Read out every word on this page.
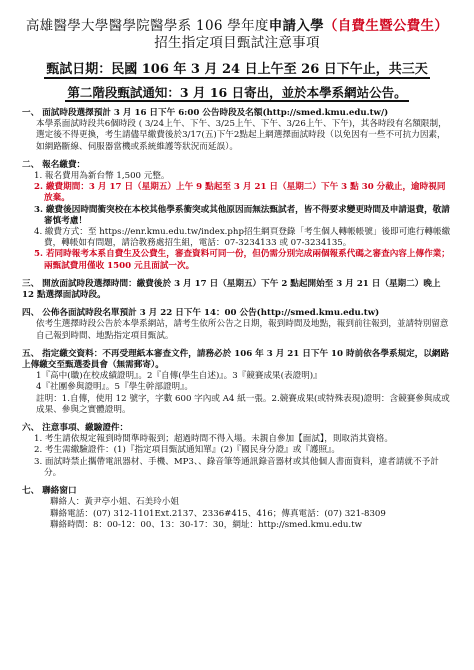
高雄醫學大學醫學院醫學系 106 學年度申請入學（自費生暨公費生）
招生指定項目甄試注意事項
甄試日期：民國 106 年 3 月 24 日上午至 26 日下午止，共三天
第二階段甄試通知：3 月 16 日寄出，並於本學系網站公告。
一、 面試時段選擇預計 3 月 16 日下午 6:00 公告時段及名額(http://smed.kmu.edu.tw/)
本學系面試時段共6個時段 ( 3/24上午、下午、3/25上午、下午、3/26上午、下午)，其各時段有名額限制，選定後不得更換，考生請儘早繳費後於3/17(五)下午2點起上網選擇面試時段（以免因有一些不可抗力因素，如網路斷線、伺服器當機或系統維護等狀況而延誤）。
二、 報名繳費：
1. 報名費用為新台幣 1,500 元整。
2. 繳費期間：3 月 17 日（星期五）上午 9 點起至 3 月 21 日（星期二）下午 3 點 30 分截止，逾時視同放棄。
3. 繳費後因時間衝突校在本校其他學系衝突或其他原因而無法甄試者，皆不得要求變更時間及申請退費，敬請審慎考慮！
4. 繳費方式：至 https://enr.kmu.edu.tw/index.php招生網頁登錄「考生個人轉帳帳號」後即可進行轉帳繳費，轉帳如有問題，請洽教務處招生組，電話：07-3234133 或 07-3234135。
5. 若同時報考本系自費生及公費生，審查資料可同一份，但仍需分別完成兩個報系代碼之審查內容上傳作業；兩甄試費用僅收 1500 元且面試一次。
三、 開放面試時段選擇時間：繳費後於 3 月 17 日（星期五）下午 2 點起開始至 3 月 21 日（星期二）晚上 12 點選擇面試時段。
四、 公佈各面試時段名單預計 3 月 22 日下午 14：00 公告(http://smed.kmu.edu.tw)
依考生選擇時段公告於本學系網站，請考生依所公告之日期，報到時間及地點，報到前往報到，並請特別留意自己報到時間、地點指定項目甄試。
五、 指定繳交資料：不再受理紙本審查文件，請務必於 106 年 3 月 21 日下午 10 時前依各學系規定，以網路上傳繳交至甄選委員會（無需郵寄）。
1『高中(職)在校成績證明』。2『自傳(學生自述)』。3『競賽成果(表證明)』
4『社團參與證明』。5『學生幹部證明』。
註明：1.自傳，使用 12 號字，字數 600 字內或 A4 紙一張。2.競賽成果(或特殊表現)證明：含競賽參與成或成果、參與之實體證明。
六、 注意事項、繳驗證件：
1. 考生請依規定報到時間準時報到；超過時間不得入場。未親自參加【面試】，則取消其資格。
2. 考生需繳驗證件：(1)『指定項目甄試通知單』(2)『國民身分證』或『護照』。
3. 面試時禁止攜帶電訊器材、手機、MP3、、錄音筆等通訊錄音器材或其他個人書面資料，違者請就不予計分。
七、 聯絡窗口
聯絡人：黃尹亭小姐、石美玲小姐
聯絡電話：(07) 312-1101Ext.2137、2336#415、416；傳真電話：(07) 321-8309
聯絡時間：8：00-12：00、13：30-17：30，網址：http://smed.kmu.edu.tw
